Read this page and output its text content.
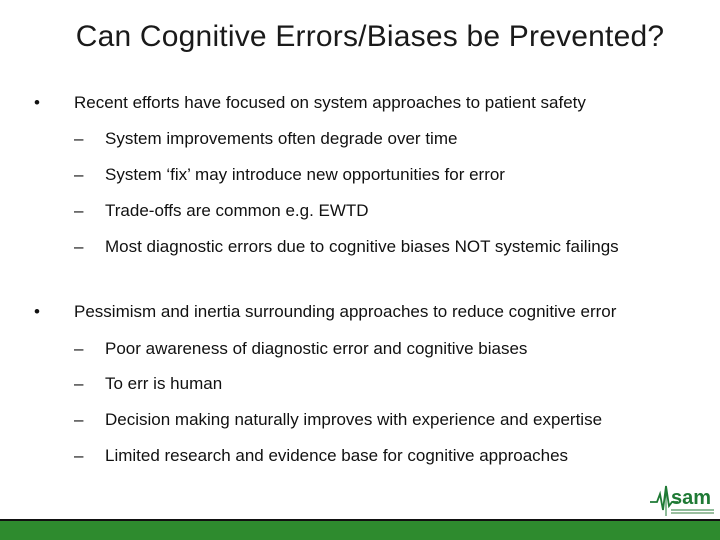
Can Cognitive Errors/Biases be Prevented?
• Recent efforts have focused on system approaches to patient safety
– System improvements often degrade over time
– System ‘fix’ may introduce new opportunities for error
– Trade-offs are common e.g. EWTD
– Most diagnostic errors due to cognitive biases NOT systemic failings
• Pessimism and inertia surrounding approaches to reduce cognitive error
– Poor awareness of diagnostic error and cognitive biases
– To err is human
– Decision making naturally improves with experience and expertise
– Limited research and evidence base for cognitive approaches
sam
